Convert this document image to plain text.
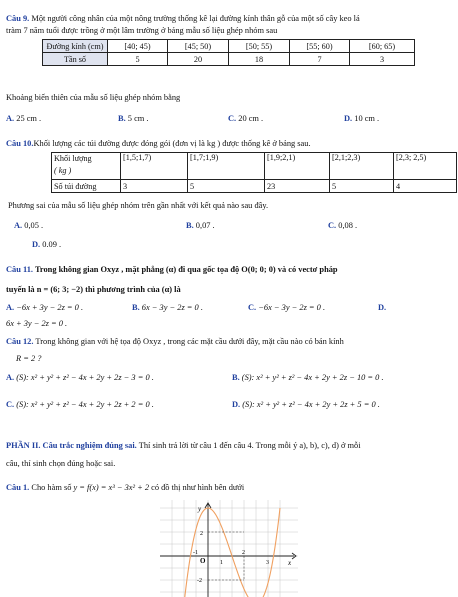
Câu 9. Một người công nhân của một nông trường thống kê lại đường kính thân gỗ của một số cây keo lá
tràm 7 năm tuổi được trồng ở một lâm trường ở bảng mẫu số liệu ghép nhóm sau
Đường kính (cm)	[40; 45)	[45; 50)	[50; 55)	[55; 60)	[60; 65)
Tần số	5	20	18	7	3
Khoảng biến thiên của mẫu số liệu ghép nhóm bằng
A. 25 cm .	B. 5 cm .	C. 20 cm .	D. 10 cm .
Câu 10.Khối lượng các túi đường được đóng gói (đơn vị là kg ) được thống kê ở bảng sau.
Khối lượng
( kg )	[1,5;1,7)	[1,7;1,9)	[1,9;2,1)	[2,1;2,3)	[2,3; 2,5)
Số túi đường	3	5	23	5	4
Phương sai của mẫu số liệu ghép nhóm trên gần nhất với kết quả nào sau đây.
A. 0,05 .	B. 0,07 .	C. 0,08 .
D. 0.09 .
Câu 11. Trong không gian Oxyz , mặt phẳng (α) đi qua gốc tọa độ O(0; 0; 0) và có vectơ pháp
tuyến là n = (6; 3; −2) thì phương trình của (α) là
A. −6x + 3y − 2z = 0 .	B. 6x − 3y − 2z = 0 .	C. −6x − 3y − 2z = 0 .	D.
6x + 3y − 2z = 0 .
Câu 12. Trong không gian với hệ tọa độ Oxyz , trong các mặt cầu dưới đây, mặt cầu nào có bán kính
R = 2 ?
A. (S): x² + y² + z² − 4x + 2y + 2z − 3 = 0 .	B. (S): x² + y² + z² − 4x + 2y + 2z − 10 = 0 .
C. (S): x² + y² + z² − 4x + 2y + 2z + 2 = 0 .	D. (S): x² + y² + z² − 4x + 2y + 2z + 5 = 0 .
PHẦN II. Câu trắc nghiệm đúng sai. Thí sinh trả lời từ câu 1 đến câu 4. Trong mỗi ý a), b), c), d) ở mỗi
câu, thí sinh chọn đúng hoặc sai.
Câu 1. Cho hàm số y = f(x) = x³ − 3x² + 2 có đồ thị như hình bên dưới
y
x
O
-1
1
2
3
2
-2
